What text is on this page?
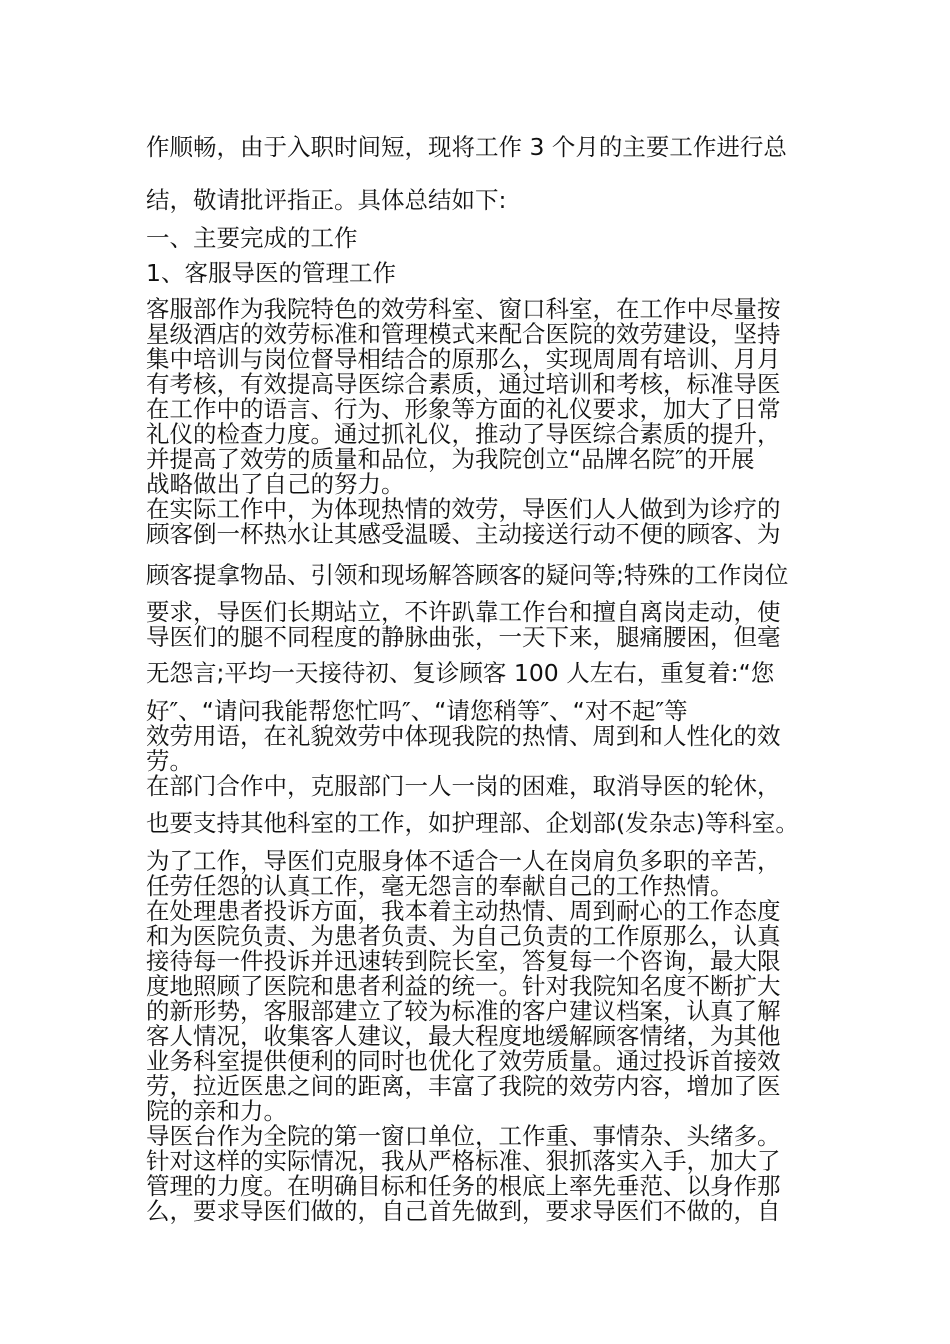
作顺畅，由于入职时间短，现将工作 3 个月的主要工作进行总

结，敬请批评指正。具体总结如下:

一、主要完成的工作

1、客服导医的管理工作

客服部作为我院特色的效劳科室、窗口科室，在工作中尽量按

星级酒店的效劳标准和管理模式来配合医院的效劳建设，坚持

集中培训与岗位督导相结合的原那么，实现周周有培训、月月

有考核，有效提高导医综合素质，通过培训和考核，标准导医

在工作中的语言、行为、形象等方面的礼仪要求，加大了日常

礼仪的检查力度。通过抓礼仪，推动了导医综合素质的提升，

并提高了效劳的质量和品位，为我院创立“品牌名院″的开展

战略做出了自己的努力。

在实际工作中，为体现热情的效劳，导医们人人做到为诊疗的

顾客倒一杯热水让其感受温暖、主动接送行动不便的顾客、为

顾客提拿物品、引领和现场解答顾客的疑问等;特殊的工作岗位

要求，导医们长期站立，不许趴靠工作台和擅自离岗走动，使

导医们的腿不同程度的静脉曲张，一天下来，腿痛腰困，但毫

无怨言;平均一天接待初、复诊顾客 100 人左右，重复着:“您

好″、“请问我能帮您忙吗″、“请您稍等″、“对不起″等

效劳用语，在礼貌效劳中体现我院的热情、周到和人性化的效

劳。

在部门合作中，克服部门一人一岗的困难，取消导医的轮休，

也要支持其他科室的工作，如护理部、企划部(发杂志)等科室。

为了工作，导医们克服身体不适合一人在岗肩负多职的辛苦，

任劳任怨的认真工作，毫无怨言的奉献自己的工作热情。

在处理患者投诉方面，我本着主动热情、周到耐心的工作态度

和为医院负责、为患者负责、为自己负责的工作原那么，认真

接待每一件投诉并迅速转到院长室，答复每一个咨询，最大限

度地照顾了医院和患者利益的统一。针对我院知名度不断扩大

的新形势，客服部建立了较为标准的客户建议档案，认真了解

客人情况，收集客人建议，最大程度地缓解顾客情绪，为其他

业务科室提供便利的同时也优化了效劳质量。通过投诉首接效

劳，拉近医患之间的距离，丰富了我院的效劳内容，增加了医

院的亲和力。

导医台作为全院的第一窗口单位，工作重、事情杂、头绪多。

针对这样的实际情况，我从严格标准、狠抓落实入手，加大了

管理的力度。在明确目标和任务的根底上率先垂范、以身作那

么，要求导医们做的，自己首先做到，要求导医们不做的，自
